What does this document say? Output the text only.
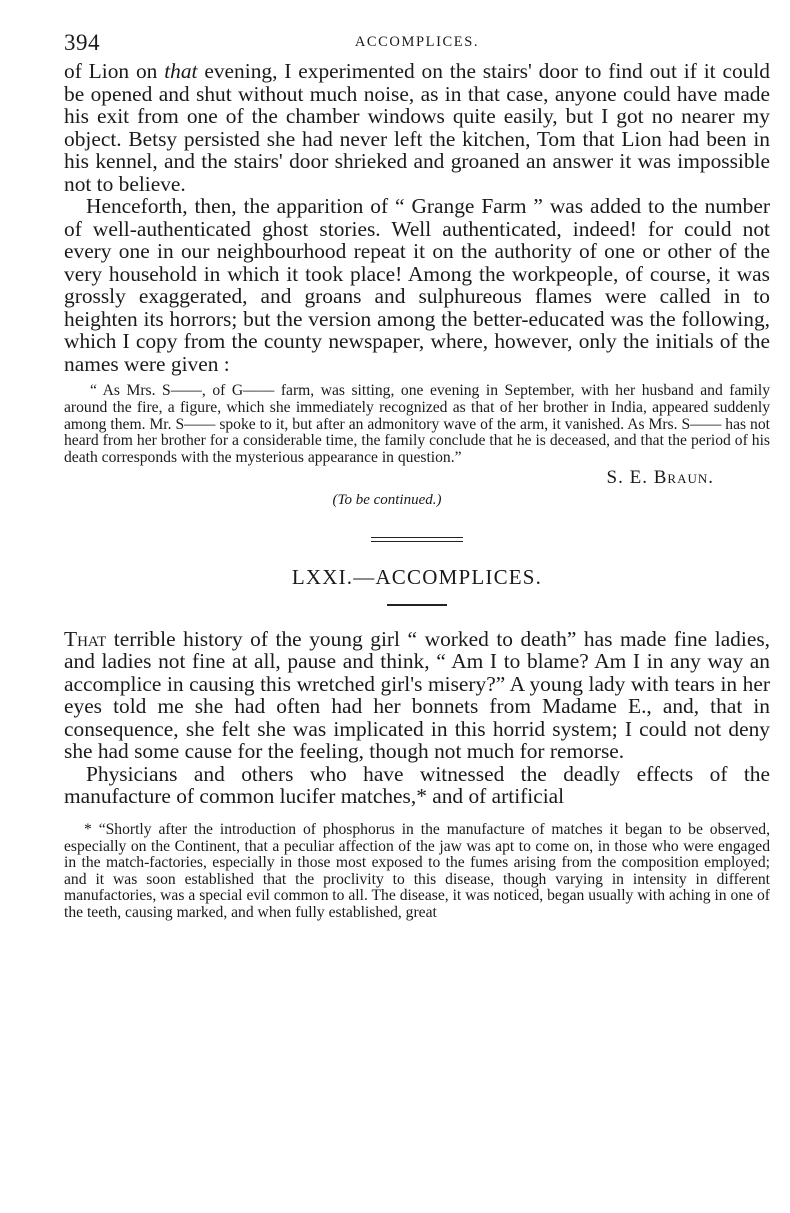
394	ACCOMPLICES.

of Lion on that evening, I experimented on the stairs' door to find out if it could be opened and shut without much noise, as in that case, anyone could have made his exit from one of the chamber windows quite easily, but I got no nearer my object. Betsy persisted she had never left the kitchen, Tom that Lion had been in his kennel, and the stairs' door shrieked and groaned an answer it was impossible not to believe.

Henceforth, then, the apparition of “ Grange Farm ” was added to the number of well-authenticated ghost stories. Well authenticated, indeed! for could not every one in our neighbourhood repeat it on the authority of one or other of the very household in which it took place! Among the workpeople, of course, it was grossly exaggerated, and groans and sulphureous flames were called in to heighten its horrors; but the version among the better-educated was the following, which I copy from the county newspaper, where, however, only the initials of the names were given :

“ As Mrs. S——, of G—— farm, was sitting, one evening in September, with her husband and family around the fire, a figure, which she immediately recognized as that of her brother in India, appeared suddenly among them. Mr. S—— spoke to it, but after an admonitory wave of the arm, it vanished. As Mrs. S—— has not heard from her brother for a considerable time, the family conclude that he is deceased, and that the period of his death corresponds with the mysterious appearance in question.”

S. E. Braun.
(To be continued.)
LXXI.—ACCOMPLICES.

That terrible history of the young girl “ worked to death” has made fine ladies, and ladies not fine at all, pause and think, “ Am I to blame? Am I in any way an accomplice in causing this wretched girl's misery?” A young lady with tears in her eyes told me she had often had her bonnets from Madame E., and, that in consequence, she felt she was implicated in this horrid system; I could not deny she had some cause for the feeling, though not much for remorse.

Physicians and others who have witnessed the deadly effects of the manufacture of common lucifer matches,* and of artificial

* “Shortly after the introduction of phosphorus in the manufacture of matches it began to be observed, especially on the Continent, that a peculiar affection of the jaw was apt to come on, in those who were engaged in the match-factories, especially in those most exposed to the fumes arising from the composition employed; and it was soon established that the proclivity to this disease, though varying in intensity in different manufactories, was a special evil common to all. The disease, it was noticed, began usually with aching in one of the teeth, causing marked, and when fully established, great
